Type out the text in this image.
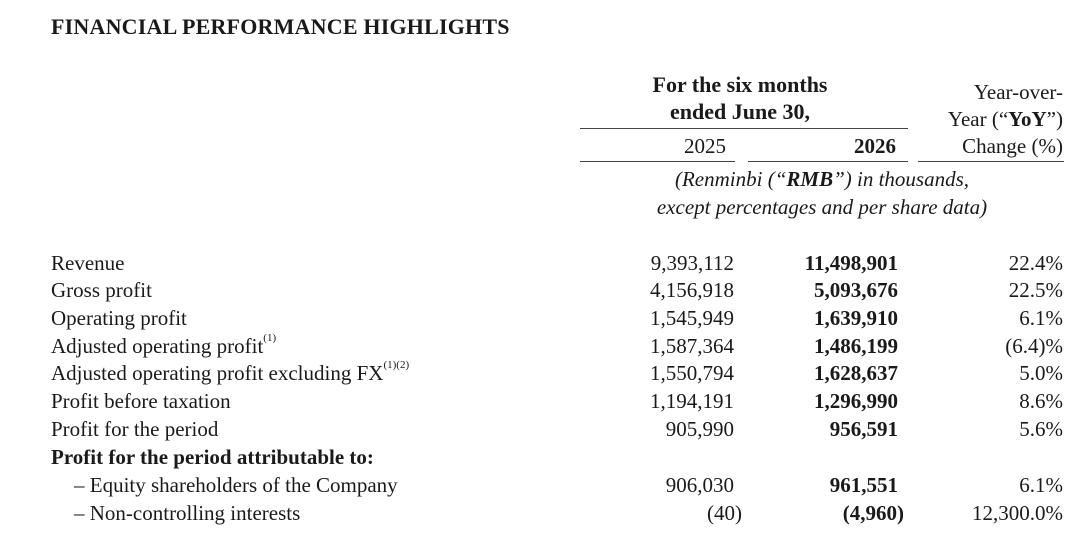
FINANCIAL PERFORMANCE HIGHLIGHTS
For the six months
ended June 30,
2025	2026
Year-over-
Year (“YoY”)
Change (%)
(Renminbi (“RMB”) in thousands,
except percentages and per share data)
Revenue	9,393,112	11,498,901	22.4%
Gross profit	4,156,918	5,093,676	22.5%
Operating profit	1,545,949	1,639,910	6.1%
Adjusted operating profit$^{(1)}$	1,587,364	1,486,199	(6.4)%
Adjusted operating profit excluding $FX^{(1)(2)}$	1,550,794	1,628,637	5.0%
Profit before taxation	1,194,191	1,296,990	8.6%
Profit for the period	905,990	956,591	5.6%
Profit for the period attributable to:
– Equity shareholders of the Company	906,030	961,551	6.1%
– Non-controlling interests	(40)	(4,960)	12,300.0%
